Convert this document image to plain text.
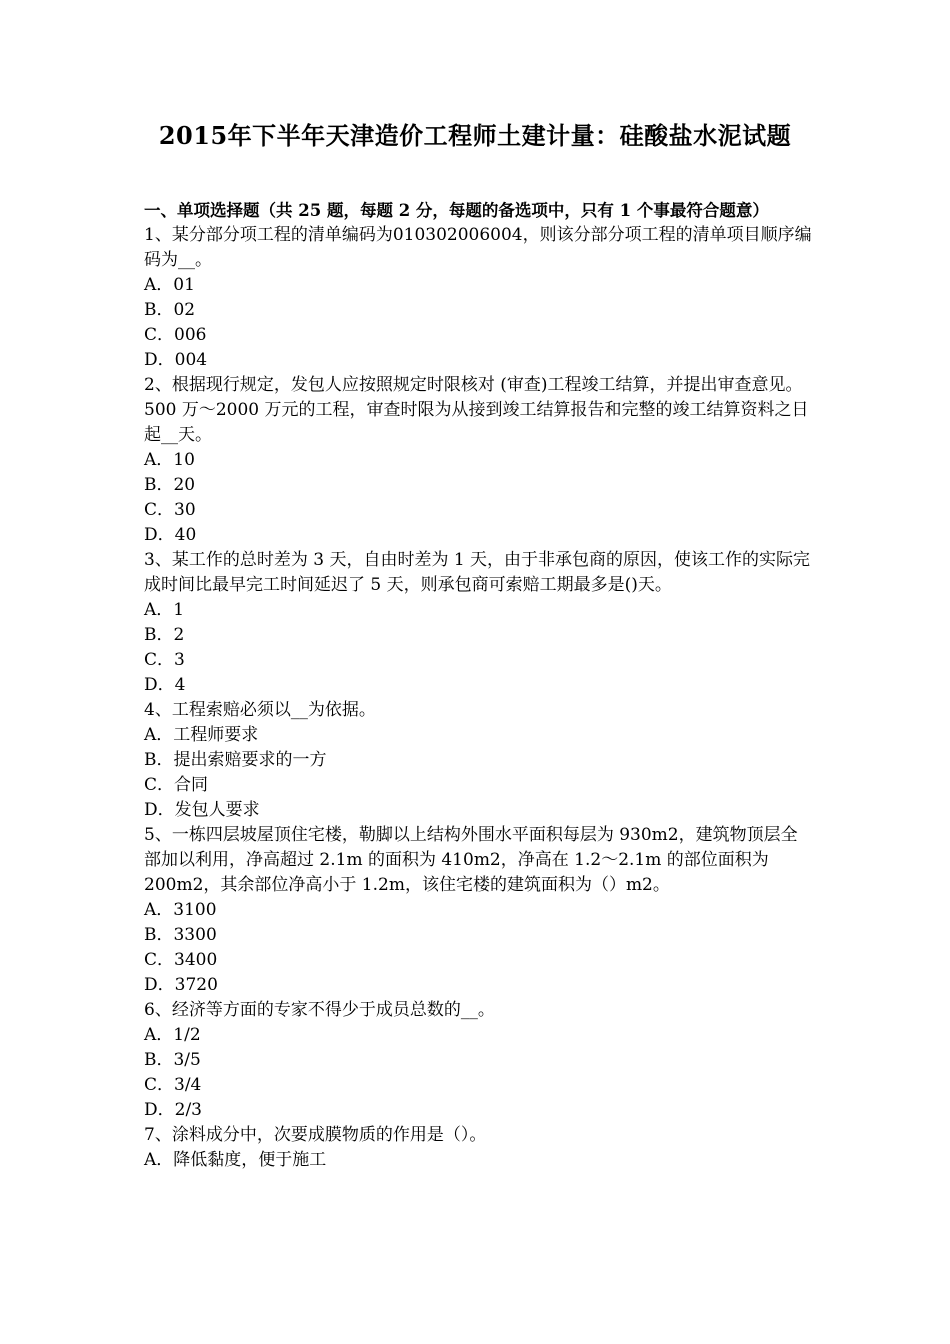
2015年下半年天津造价工程师土建计量：硅酸盐水泥试题
一、单项选择题（共 25 题，每题 2 分，每题的备选项中，只有 1 个事最符合题意）
1、某分部分项工程的清单编码为010302006004，则该分部分项工程的清单项目顺序编码为__。
A．01
B．02
C．006
D．004
2、根据现行规定，发包人应按照规定时限核对 (审查)工程竣工结算，并提出审查意见。500 万～2000 万元的工程，审查时限为从接到竣工结算报告和完整的竣工结算资料之日起__天。
A．10
B．20
C．30
D．40
3、某工作的总时差为 3 天，自由时差为 1 天，由于非承包商的原因，使该工作的实际完成时间比最早完工时间延迟了 5 天，则承包商可索赔工期最多是()天。
A．1
B．2
C．3
D．4
4、工程索赔必须以__为依据。
A．工程师要求
B．提出索赔要求的一方
C．合同
D．发包人要求
5、一栋四层坡屋顶住宅楼，勒脚以上结构外围水平面积每层为 930m2，建筑物顶层全部加以利用，净高超过 2.1m 的面积为 410m2，净高在 1.2～2.1m 的部位面积为 200m2，其余部位净高小于 1.2m，该住宅楼的建筑面积为（）m2。
A．3100
B．3300
C．3400
D．3720
6、经济等方面的专家不得少于成员总数的__。
A．1/2
B．3/5
C．3/4
D．2/3
7、涂料成分中，次要成膜物质的作用是（）。
A．降低黏度，便于施工
